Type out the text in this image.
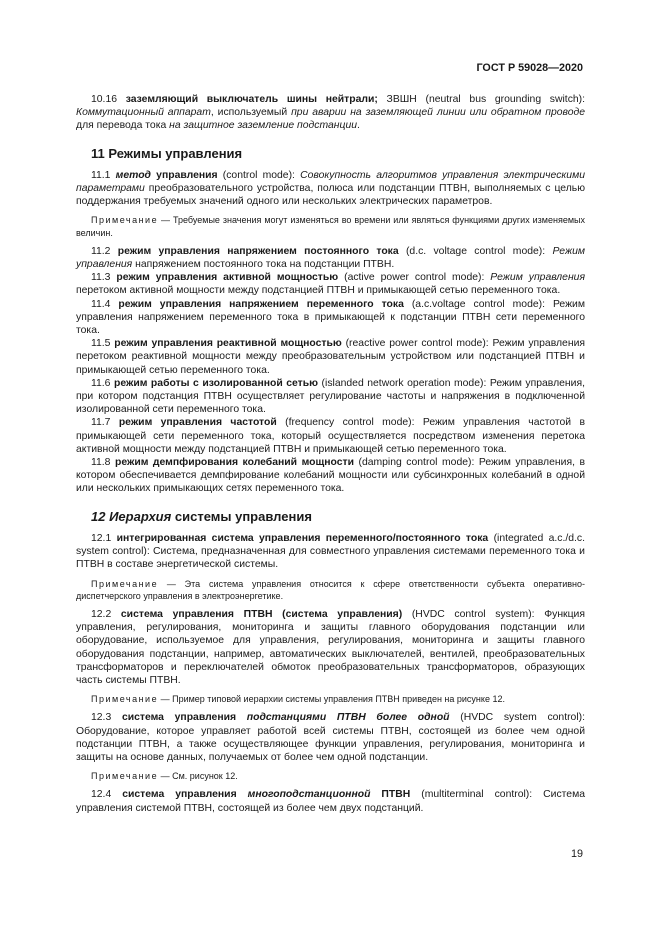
ГОСТ Р 59028—2020

10.16 заземляющий выключатель шины нейтрали; ЗВШН (neutral bus grounding switch): Коммутационный аппарат, используемый при аварии на заземляющей линии или обратном проводе для перевода тока на защитное заземление подстанции.

11 Режимы управления

11.1 метод управления (control mode): Совокупность алгоритмов управления электрическими параметрами преобразовательного устройства, полюса или подстанции ПТВН, выполняемых с целью поддержания требуемых значений одного или нескольких электрических параметров.

Примечание — Требуемые значения могут изменяться во времени или являться функциями других изменяемых величин.

11.2 режим управления напряжением постоянного тока (d.c. voltage control mode): Режим управления напряжением постоянного тока на подстанции ПТВН.

11.3 режим управления активной мощностью (active power control mode): Режим управления перетоком активной мощности между подстанцией ПТВН и примыкающей сетью переменного тока.

11.4 режим управления напряжением переменного тока (a.c.voltage control mode): Режим управления напряжением переменного тока в примыкающей к подстанции ПТВН сети переменного тока.

11.5 режим управления реактивной мощностью (reactive power control mode): Режим управления перетоком реактивной мощности между преобразовательным устройством или подстанцией ПТВН и примыкающей сетью переменного тока.

11.6 режим работы с изолированной сетью (islanded network operation mode): Режим управления, при котором подстанция ПТВН осуществляет регулирование частоты и напряжения в подключенной изолированной сети переменного тока.

11.7 режим управления частотой (frequency control mode): Режим управления частотой в примыкающей сети переменного тока, который осуществляется посредством изменения перетока активной мощности между подстанцией ПТВН и примыкающей сетью переменного тока.

11.8 режим демпфирования колебаний мощности (damping control mode): Режим управления, в котором обеспечивается демпфирование колебаний мощности или субсинхронных колебаний в одной или нескольких примыкающих сетях переменного тока.

12 Иерархия системы управления

12.1 интегрированная система управления переменного/постоянного тока (integrated a.c./d.c. system control): Система, предназначенная для совместного управления системами переменного тока и ПТВН в составе энергетической системы.

Примечание — Эта система управления относится к сфере ответственности субъекта оперативно-диспетчерского управления в электроэнергетике.

12.2 система управления ПТВН (система управления) (HVDC control system): Функция управления, регулирования, мониторинга и защиты главного оборудования подстанции или оборудование, используемое для управления, регулирования, мониторинга и защиты главного оборудования подстанции, например, автоматических выключателей, вентилей, преобразовательных трансформаторов и переключателей обмоток преобразовательных трансформаторов, образующих часть системы ПТВН.

Примечание — Пример типовой иерархии системы управления ПТВН приведен на рисунке 12.

12.3 система управления подстанциями ПТВН более одной (HVDC system control): Оборудование, которое управляет работой всей системы ПТВН, состоящей из более чем одной подстанции ПТВН, а также осуществляющее функции управления, регулирования, мониторинга и защиты на основе данных, получаемых от более чем одной подстанции.

Примечание — См. рисунок 12.

12.4 система управления многоподстанционной ПТВН (multiterminal control): Система управления системой ПТВН, состоящей из более чем двух подстанций.

19
